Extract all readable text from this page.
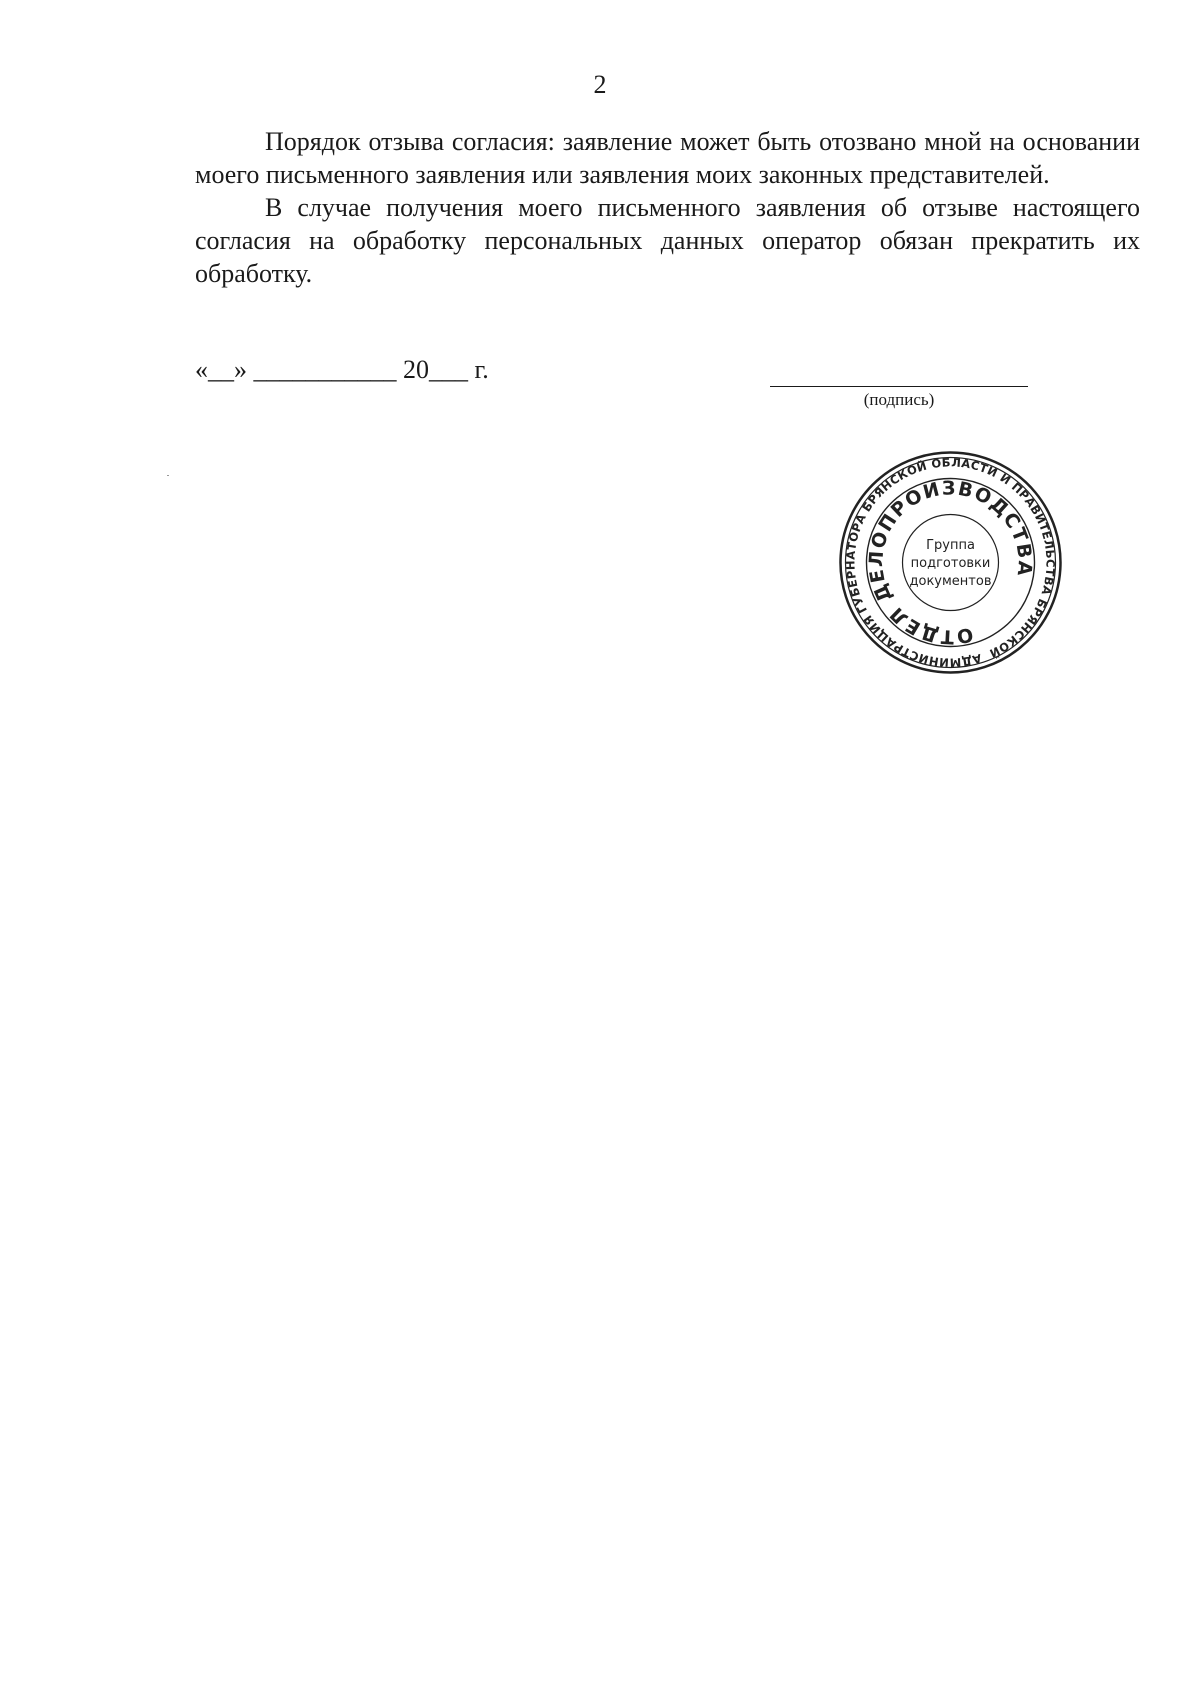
2

Порядок отзыва согласия: заявление может быть отозвано мной на основании моего письменного заявления или заявления моих законных представителей.

В случае получения моего письменного заявления об отзыве настоящего согласия на обработку персональных данных оператор обязан прекратить их обработку.

«__» ___________ 20___ г.
(подпись)
АДМИНИСТРАЦИЯ ГУБЕРНАТОРА БРЯНСКОЙ ОБЛАСТИ И ПРАВИТЕЛЬСТВА БРЯНСКОЙ
ОТДЕЛ ДЕЛОПРОИЗВОДСТВА
Группа
подготовки
документов
